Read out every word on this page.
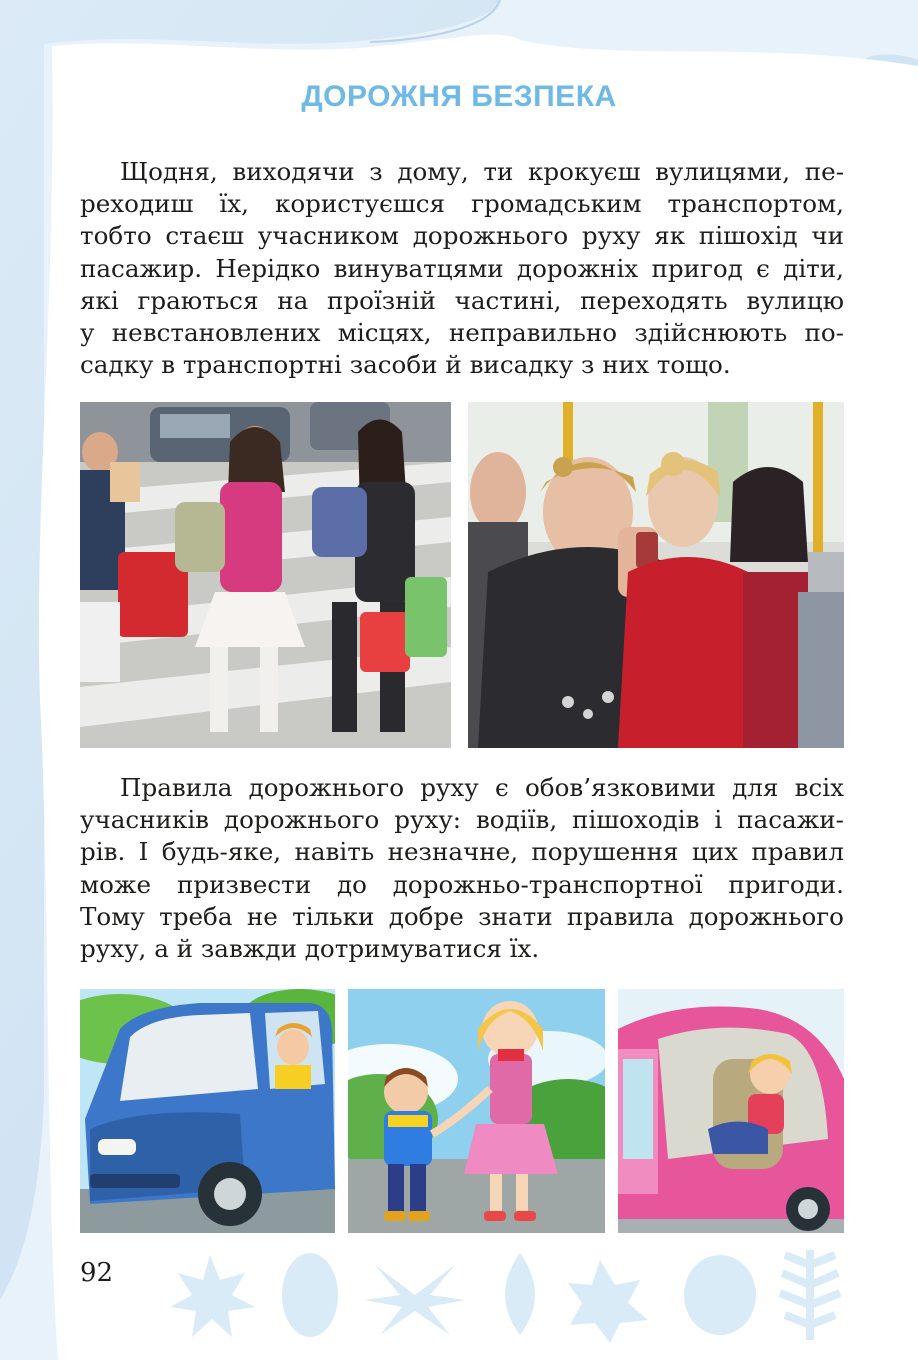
ДОРОЖНЯ БЕЗПЕКА
Щодня, виходячи з дому, ти крокуєш вулицями, пе-
реходиш їх, користуєшся громадським транспортом,
тобто стаєш учасником дорожнього руху як пішохід чи
пасажир. Нерідко винуватцями дорожніх пригод є діти,
які граються на проїзній частині, переходять вулицю
у невстановлених місцях, неправильно здійснюють по-
садку в транспортні засоби й висадку з них тощо.
Правила дорожнього руху є обов’язковими для всіх
учасників дорожнього руху: водіїв, пішоходів і пасажи-
рів. І будь-яке, навіть незначне, порушення цих правил
може призвести до дорожньо-транспортної пригоди.
Тому треба не тільки добре знати правила дорожнього
руху, а й завжди дотримуватися їх.
92
